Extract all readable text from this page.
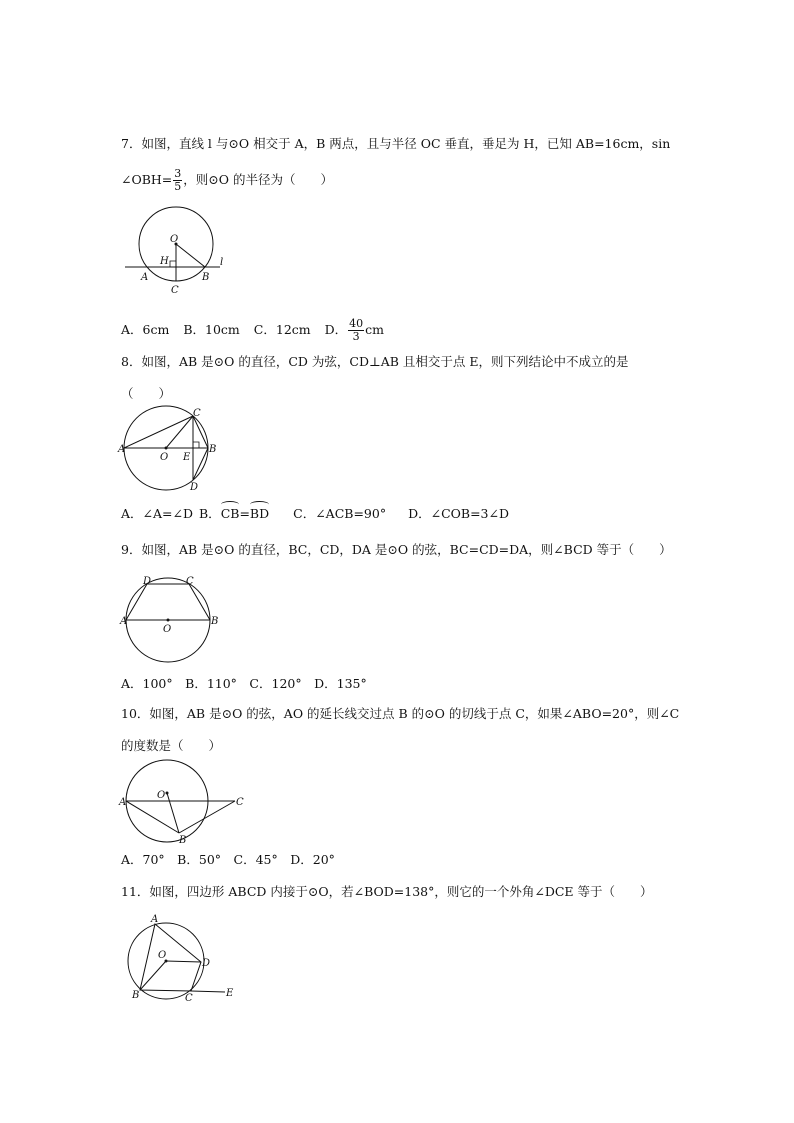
7．如图，直线 l 与⊙O 相交于 A，B 两点，且与半径 OC 垂直，垂足为 H，已知 AB=16cm，sin
∠OBH= $\frac{3}{5}$ ，则⊙O 的半径为（　　）
O
H
A	B
C
l
A．6cm B．10cm C．12cm D． $\frac{40}{3}$ cm
8．如图，AB 是⊙O 的直径，CD 为弦，CD⊥AB 且相交于点 E，则下列结论中不成立的是
（　　）
A	B
C
D
O E
A．∠A=∠D B．CB=BD C．∠ACB=90° D．∠COB=3∠D
9．如图，AB 是⊙O 的直径，BC，CD，DA 是⊙O 的弦，BC=CD=DA，则∠BCD 等于（　　）
A	B
C
D
O
A．100°　B．110°　C．120°　D．135°
10．如图，AB 是⊙O 的弦，AO 的延长线交过点 B 的⊙O 的切线于点 C，如果∠ABO=20°，则∠C
的度数是（　　）
A
O
C
B
A．70°　B．50°　C．45°　D．20°
11．如图，四边形 ABCD 内接于⊙O，若∠BOD=138°，则它的一个外角∠DCE 等于（　　）
A
B	C
D
O
E
